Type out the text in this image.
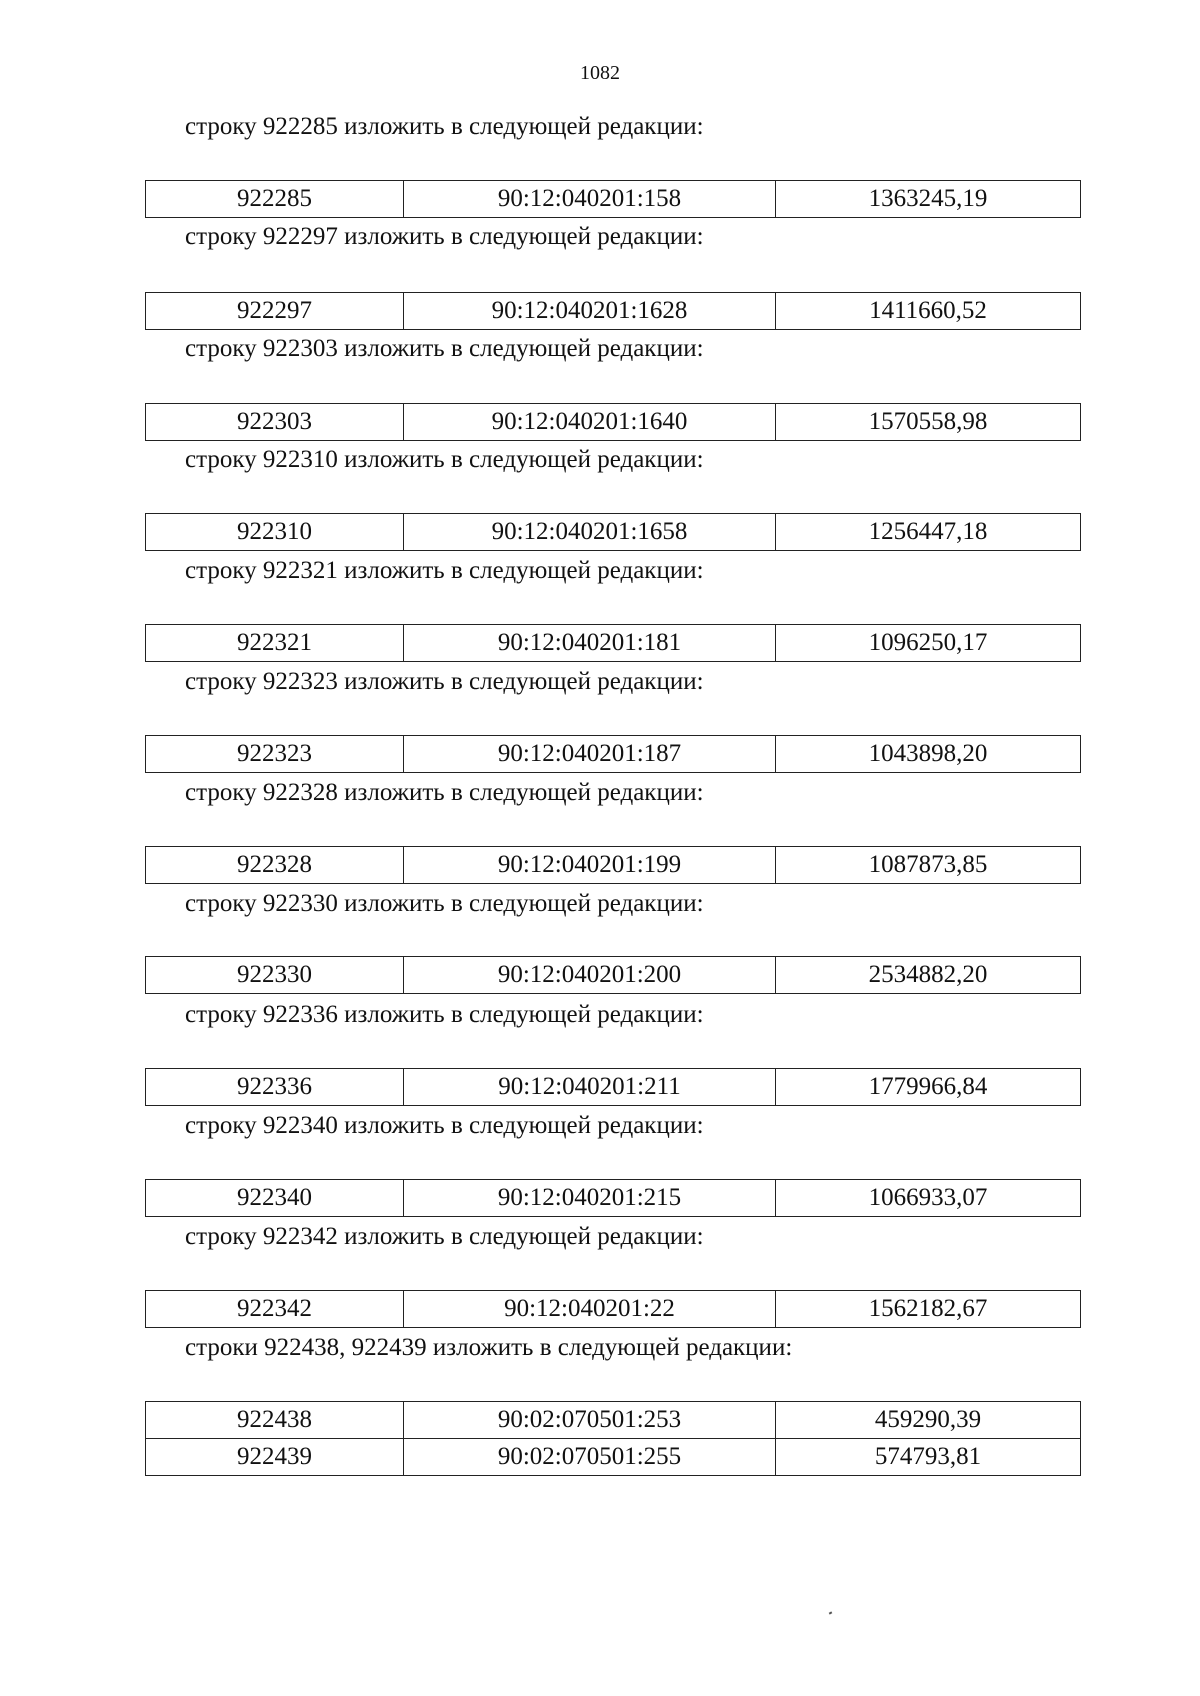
1082
строку 922285 изложить в следующей редакции:
922285	90:12:040201:158	1363245,19
строку 922297 изложить в следующей редакции:
922297	90:12:040201:1628	1411660,52
строку 922303 изложить в следующей редакции:
922303	90:12:040201:1640	1570558,98
строку 922310 изложить в следующей редакции:
922310	90:12:040201:1658	1256447,18
строку 922321 изложить в следующей редакции:
922321	90:12:040201:181	1096250,17
строку 922323 изложить в следующей редакции:
922323	90:12:040201:187	1043898,20
строку 922328 изложить в следующей редакции:
922328	90:12:040201:199	1087873,85
строку 922330 изложить в следующей редакции:
922330	90:12:040201:200	2534882,20
строку 922336 изложить в следующей редакции:
922336	90:12:040201:211	1779966,84
строку 922340 изложить в следующей редакции:
922340	90:12:040201:215	1066933,07
строку 922342 изложить в следующей редакции:
922342	90:12:040201:22	1562182,67
строки 922438, 922439 изложить в следующей редакции:
922438	90:02:070501:253	459290,39
922439	90:02:070501:255	574793,81
